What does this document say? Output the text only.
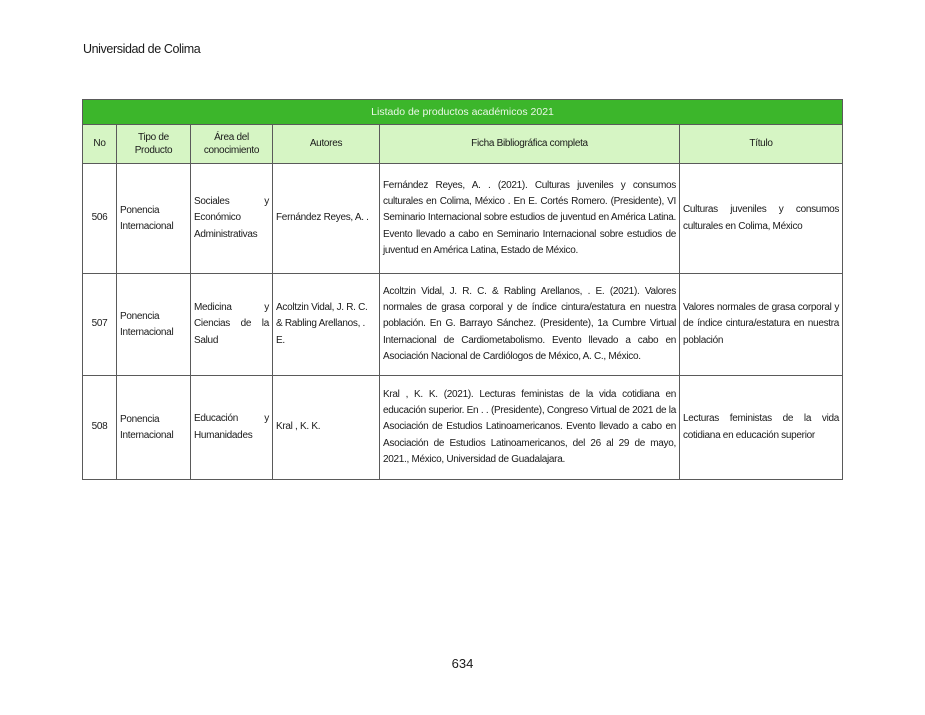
Universidad de Colima
Listado de productos académicos 2021					
No	Tipo de Producto	Área del conocimiento	Autores	Ficha Bibliográfica completa	Título
506	Ponencia Internacional	Sociales y Económico Administrativas	Fernández Reyes, A. .	Fernández Reyes, A. . (2021). Culturas juveniles y consumos culturales en Colima, México . En E. Cortés Romero. (Presidente), VI Seminario Internacional sobre estudios de juventud en América Latina. Evento llevado a cabo en Seminario Internacional sobre estudios de juventud en América Latina, Estado de México.	Culturas juveniles y consumos culturales en Colima, México
507	Ponencia Internacional	Medicina y Ciencias de la Salud	Acoltzin Vidal, J. R. C. & Rabling Arellanos, . E.	Acoltzin Vidal, J. R. C. & Rabling Arellanos, . E. (2021). Valores normales de grasa corporal y de índice cintura/estatura en nuestra población. En G. Barrayo Sánchez. (Presidente), 1a Cumbre Virtual Internacional de Cardiometabolismo. Evento llevado a cabo en Asociación Nacional de Cardiólogos de México, A. C., México.	Valores normales de grasa corporal y de índice cintura/estatura en nuestra población
508	Ponencia Internacional	Educación y Humanidades	Kral , K. K.	Kral , K. K. (2021). Lecturas feministas de la vida cotidiana en educación superior. En . . (Presidente), Congreso Virtual de 2021 de la Asociación de Estudios Latinoamericanos. Evento llevado a cabo en Asociación de Estudios Latinoamericanos, del 26 al 29 de mayo, 2021., México, Universidad de Guadalajara.	Lecturas feministas de la vida cotidiana en educación superior
634
